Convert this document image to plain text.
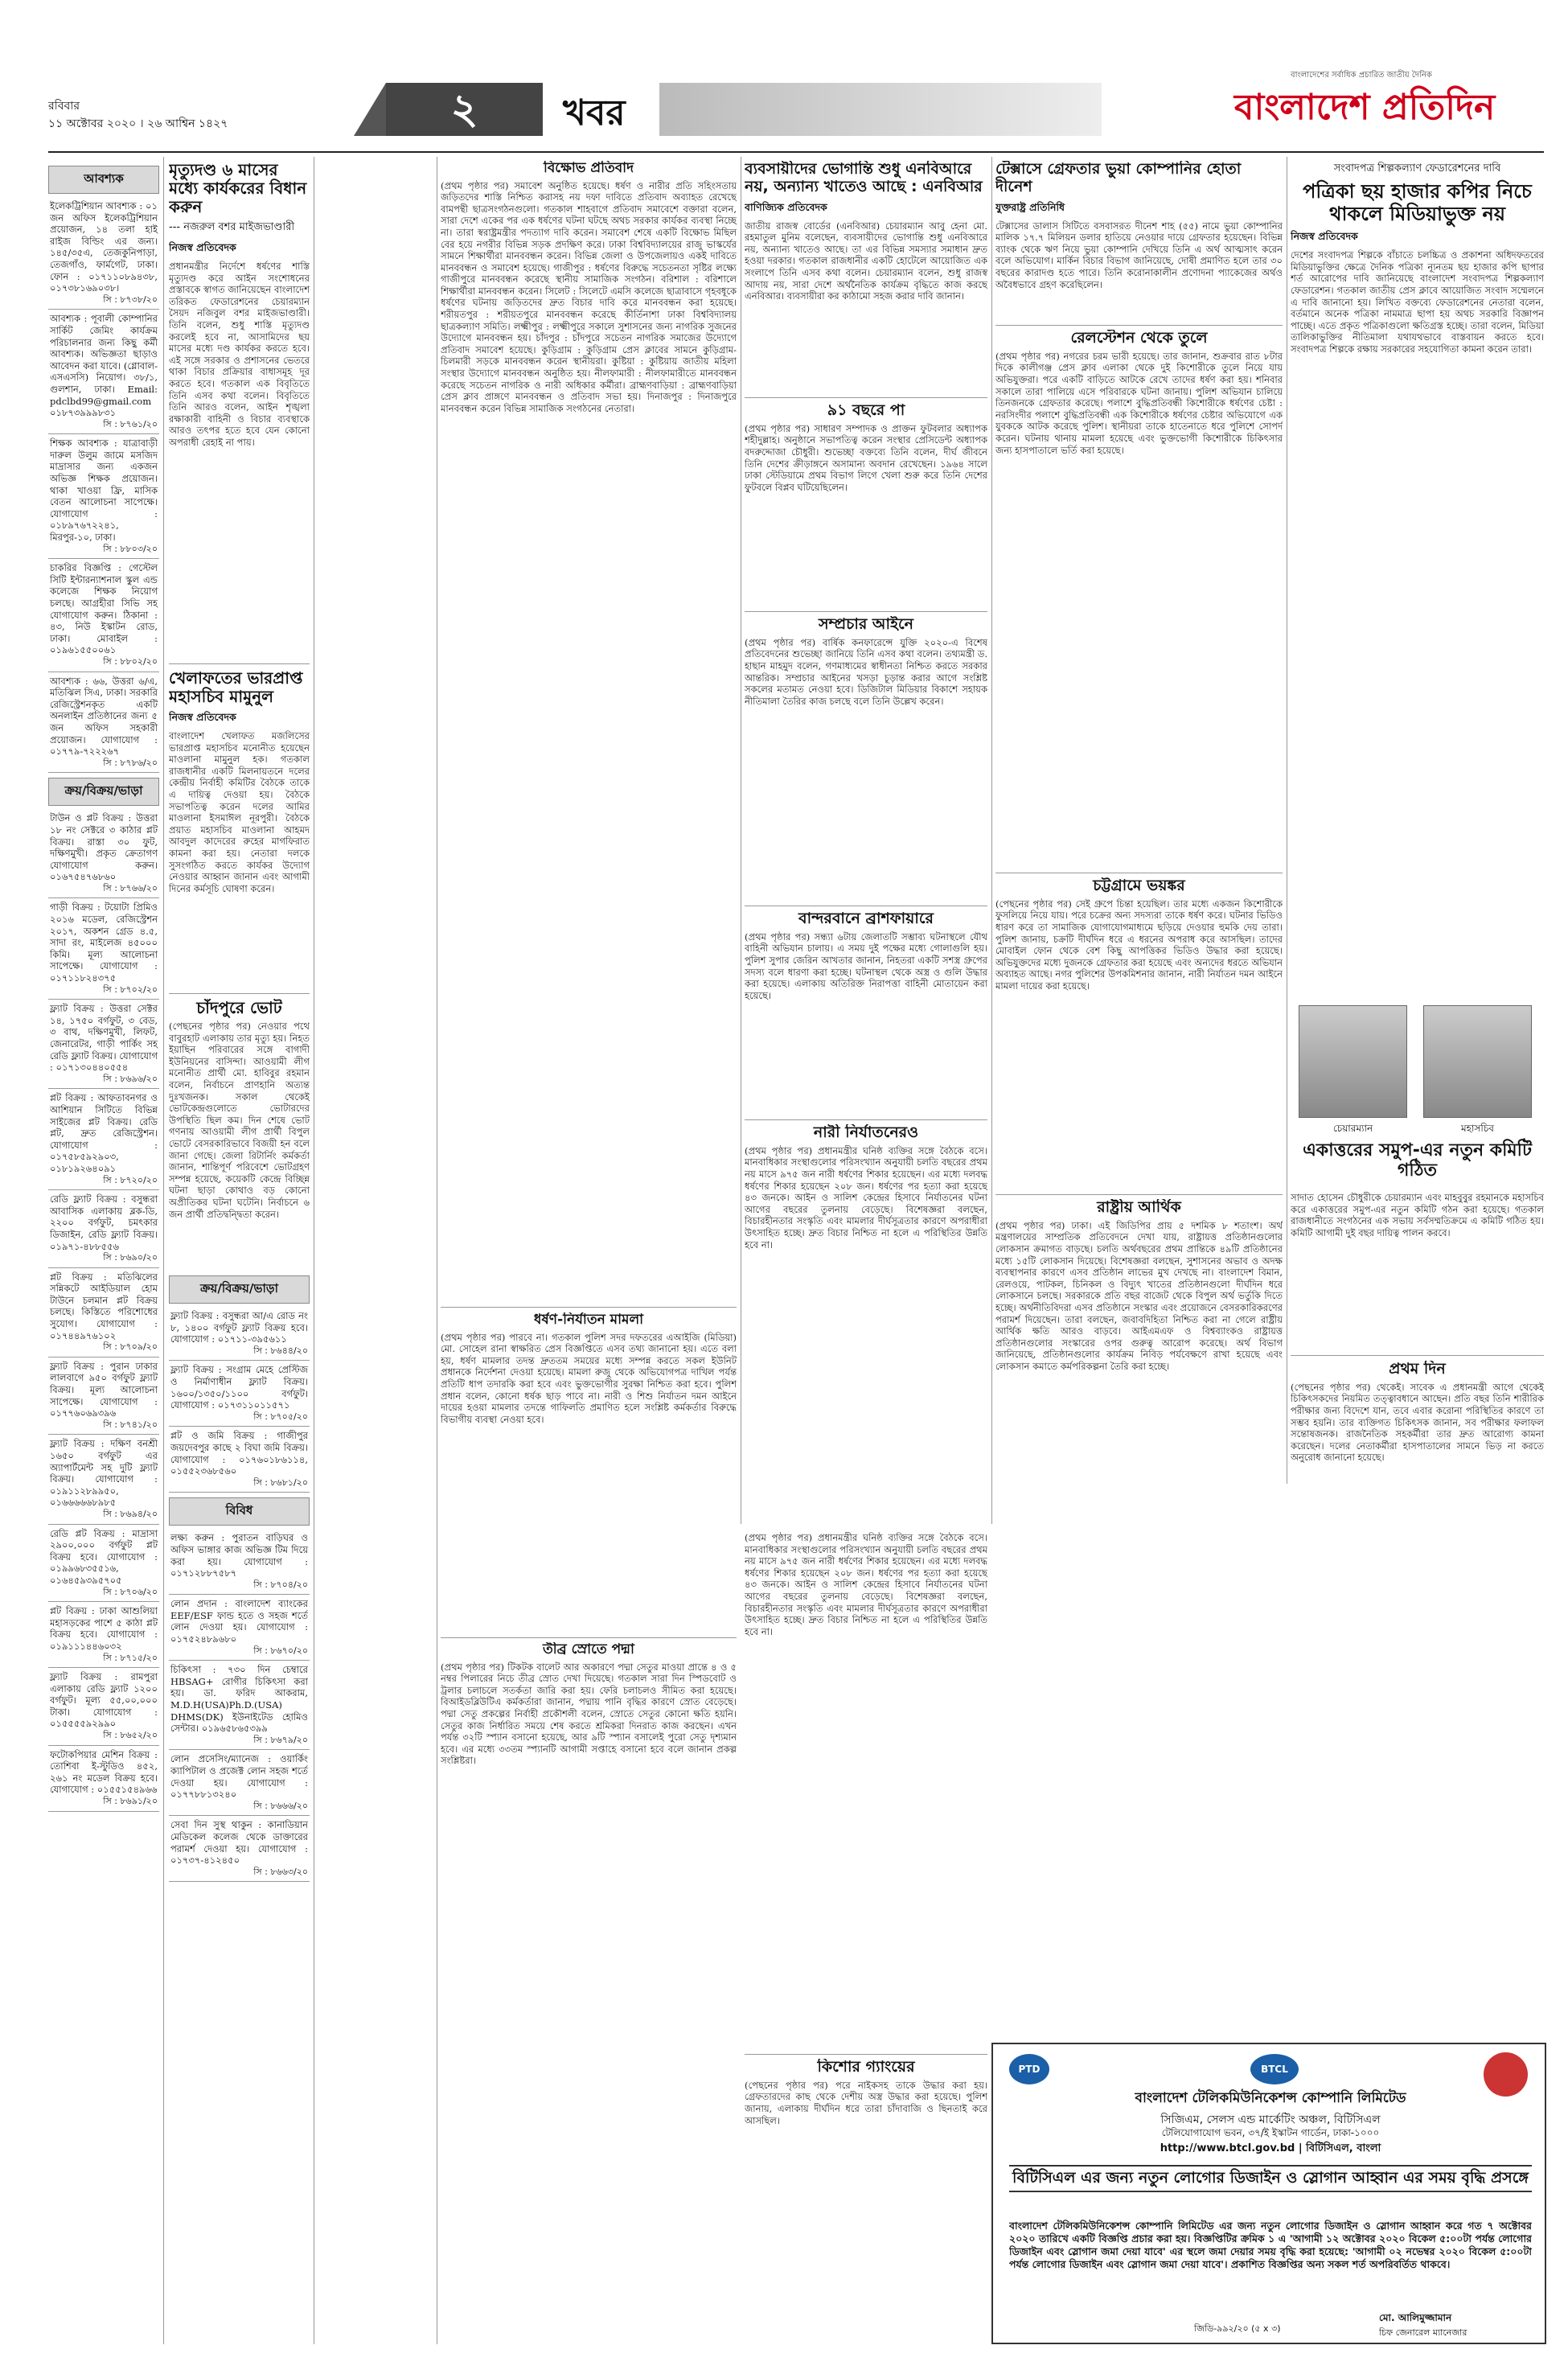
রবিবার
১১ অক্টোবর ২০২০ । ২৬ আশ্বিন ১৪২৭	২	খবর
বাংলাদেশের সর্বাধিক প্রচারিত জাতীয় দৈনিক
বাংলাদেশ প্রতিদিন
আবশ্যক
ইলেকট্রিশিয়ান আবশ্যক : ০১ জন অফিস ইলেকট্রিশিয়ান প্রয়োজন, ১৪ তলা হাই রাইজ বিল্ডিং এর জন্য। ১৪৫/৩৫এ, তেজকুনিপাড়া, তেজগাঁও, ফার্মগেট, ঢাকা। ফোন : ০১৭১১০৮৯৪৩৮, ০১৭৩৮১৬৯০৩৮।
সি : ৮৭৩৮/২০
আবশ্যক : পূবালী কোম্পানির সার্কিট জেমিং কার্যক্রম পরিচালনার জন্য কিছু কর্মী আবশ্যক। অভিজ্ঞতা ছাড়াও আবেদন করা যাবে। (গ্লোবাল-এসএসসি) নিয়োগ। ৩৮/১, গুলশান, ঢাকা। Email: pdclbd99@gmail.com ০১৮৭৩৯৯৯৮৩১
সি : ৮৭৬১/২০
শিক্ষক আবশ্যক : যাত্রাবাড়ী দারুল উলুম জামে মসজিদ মাদ্রাসার জন্য একজন অভিজ্ঞ শিক্ষক প্রয়োজন। থাকা খাওয়া ফ্রি, মাসিক বেতন আলোচনা সাপেক্ষে। যোগাযোগ : ০১৮৯৭৬৭২২৪১, মিরপুর-১০, ঢাকা।
সি : ৮৮০৩/২০
চাকরির বিজ্ঞপ্তি : গেস্টেল সিটি ইন্টারন্যাশনাল স্কুল এন্ড কলেজে শিক্ষক নিয়োগ চলছে। আগ্রহীরা সিভি সহ যোগাযোগ করুন। ঠিকানা : ৪৩, নিউ ইস্কাটন রোড, ঢাকা। মোবাইল : ০১৯৬১৫৫০০৬১
সি : ৮৮০২/২০
আবশ্যক : ৬৬, উত্তরা ৬/এ, মতিঝিল সিএ, ঢাকা। সরকারি রেজিস্ট্রেশনকৃত একটি অনলাইন প্রতিষ্ঠানের জন্য ৫ জন অফিস সহকারী প্রয়োজন। যোগাযোগ : ০১৭৭৯-৭২২২৬৭
সি : ৮৭৮৬/২০
ক্রয়/বিক্রয়/ভাড়া
টাউন ও প্লট বিক্রয় : উত্তরা ১৮ নং সেক্টরে ৩ কাঠার প্লট বিক্রয়। রাস্তা ৩০ ফুট, দক্ষিণমুখী। প্রকৃত ক্রেতাগণ যোগাযোগ করুন। ০১৬৭৫৪৭৬৮৬০
সি : ৮৭৬৬/২০
গাড়ী বিক্রয় : টয়োটা প্রিমিও ২০১৬ মডেল, রেজিস্ট্রেশন ২০১৭, অকশন গ্রেড ৪.৫, সাদা রং, মাইলেজ ৪৫০০০ কিমি। মূল্য আলোচনা সাপেক্ষে। যোগাযোগ : ০১৭১১৮২৪৩৭৫
সি : ৮৭০২/২০
ফ্ল্যাট বিক্রয় : উত্তরা সেক্টর ১৪, ১৭৫০ বর্গফুট, ৩ বেড, ৩ বাথ, দক্ষিণমুখী, লিফট, জেনারেটর, গাড়ী পার্কিং সহ রেডি ফ্ল্যাট বিক্রয়। যোগাযোগ : ০১৭১৩০৪৪০৫৫৪
সি : ৮৬৯৬/২০
প্লট বিক্রয় : আফতাবনগর ও আশিয়ান সিটিতে বিভিন্ন সাইজের প্লট বিক্রয়। রেডি প্লট, দ্রুত রেজিস্ট্রেশন। যোগাযোগ : ০১৭৫৮৫৯২৯০৩, ০১৮১৯২৬৪০৯১
সি : ৮৭২০/২০
রেডি ফ্ল্যাট বিক্রয় : বসুন্ধরা আবাসিক এলাকায় ব্লক-ডি, ২২০০ বর্গফুট, চমৎকার ডিজাইন, রেডি ফ্ল্যাট বিক্রয়। ০১৯৭১-৪৮৮৫৫৬
সি : ৮৬৯০/২০
প্লট বিক্রয় : মতিঝিলের সন্নিকটে আইডিয়াল হোম টাউনে চলমান প্লট বিক্রয় চলছে। কিস্তিতে পরিশোধের সুযোগ। যোগাযোগ : ০১৭৪৪৯৭৬১০২
সি : ৮৭০৯/২০
ফ্ল্যাট বিক্রয় : পুরান ঢাকার লালবাগে ৯৫০ বর্গফুট ফ্ল্যাট বিক্রয়। মূল্য আলোচনা সাপেক্ষে। যোগাযোগ : ০১৭৭৬০৬৯৩৯৬
সি : ৮৭৪১/২০
ফ্ল্যাট বিক্রয় : দক্ষিণ বনশ্রী ১৬৫০ বর্গফুট এর অ্যাপার্টমেন্ট সহ দুটি ফ্ল্যাট বিক্রয়। যোগাযোগ : ০১৯১১২৮৯৯৫০, ০১৬৬৬৬৬৮৯৮৫
সি : ৮৬৯৪/২০
রেডি প্লট বিক্রয় : মাদ্রাসা ২৯০০,০০০ বর্গফুট প্লট বিক্রয় হবে। যোগাযোগ : ০১৯৯৬৮৩৫৫১৬, ০১৬৪৫৯৩৯৫৭০৫
সি : ৮৭০৬/২০
প্লট বিক্রয় : ঢাকা আশুলিয়া মহাসড়কের পাশে ৫ কাঠা প্লট বিক্রয় হবে। যোগাযোগ : ০১৯১১১৪৪৬০৩২
সি : ৮৭১৫/২০
ফ্ল্যাট বিক্রয় : রামপুরা এলাকায় রেডি ফ্ল্যাট ১২০০ বর্গফুট। মূল্য ৫৫,০০,০০০ টাকা। যোগাযোগ : ০১৫৫৫৫৯২৯৯০
সি : ৮৬৫২/২০
ফটোকপিয়ার মেশিন বিক্রয় : তোশিবা ই-স্টুডিও ৪৫২, ২৬১ নং মডেল বিক্রয় হবে। যোগাযোগ : ০১৫৫১৫৪৯৬৬
সি : ৮৬৯১/২০
ক্রয়/বিক্রয়/ভাড়া
ফ্ল্যাট বিক্রয় : বসুন্ধরা আ/এ রোড নং ৮, ১৪০০ বর্গফুট ফ্ল্যাট বিক্রয় হবে। যোগাযোগ : ০১৭১১-৩৯৫৬১১
সি : ৮৬৪৪/২০
ফ্ল্যাট বিক্রয় : সংগ্রাম মেহে প্রেস্টিজ ও নির্মাণাধীন ফ্ল্যাট বিক্রয়। ১৬০০/১৩৫০/১১০০ বর্গফুট। যোগাযোগ : ০১৭৩১১০১১৫৭১
সি : ৮৭০৫/২০
প্লট ও জমি বিক্রয় : গাজীপুর জয়দেবপুর কাছে ২ বিঘা জমি বিক্রয়। যোগাযোগ : ০১৭৬০১৮৬১১৪, ০১৫৫২৩৬৮৫৬০
সি : ৮৬৮১/২০
বিবিধ
লক্ষ্য করুন : পুরাতন বাড়িঘর ও অফিস ভাঙ্গার কাজ অভিজ্ঞ টিম দিয়ে করা হয়। যোগাযোগ : ০১৭১২৮৮৭৫৮৭
সি : ৮৭০৪/২০
লোন প্রদান : বাংলাদেশ ব্যাংকের EEF/ESF ফান্ড হতে ও সহজ শর্তে লোন দেওয়া হয়। যোগাযোগ : ০১৭৫২৪৮৯৬৮০
সি : ৮৬৭০/২০
চিকিৎসা : ৭৩০ দিন চেম্বারে HBSAG+ রোগীর চিকিৎসা করা হয়। ডা. ফরিদ আকরাম, M.D.H(USA)Ph.D.(USA) DHMS(DK) ইউনাইটেড হোমিও সেন্টার। ০১৯৬৫৮৬৫৩৯৯
সি : ৮৬৭৯/২০
লোন প্রসেসিং/ম্যানেজ : ওয়ার্কিং ক্যাপিটাল ও প্রজেক্ট লোন সহজ শর্তে দেওয়া হয়। যোগাযোগ : ০১৭৭৮৮১৩২৪০
সি : ৮৬৬৬/২০
সেবা দিন সুস্থ থাকুন : কানাডিয়ান মেডিকেল কলেজ থেকে ডাক্তারের পরামর্শ দেওয়া হয়। যোগাযোগ : ০১৭৩৭-৪১২৪৫০
সি : ৮৬৬৩/২০
মৃত্যুদণ্ড ৬ মাসের মধ্যে কার্যকরের বিধান করুন
--- নজরুল বশর মাইজভাণ্ডারী
নিজস্ব প্রতিবেদক
প্রধানমন্ত্রীর নির্দেশে ধর্ষণের শাস্তি মৃত্যুদণ্ড করে আইন সংশোধনের প্রস্তাবকে স্বাগত জানিয়েছেন বাংলাদেশ তরিকত ফেডারেশনের চেয়ারম্যান সৈয়দ নজিবুল বশর মাইজভাণ্ডারী। তিনি বলেন, শুধু শাস্তি মৃত্যুদণ্ড করলেই হবে না, আসামিদের ছয় মাসের মধ্যে দণ্ড কার্যকর করতে হবে। এই সঙ্গে সরকার ও প্রশাসনের ভেতরে থাকা বিচার প্রক্রিয়ার বাধাসমূহ দূর করতে হবে। গতকাল এক বিবৃতিতে তিনি এসব কথা বলেন। বিবৃতিতে তিনি আরও বলেন, আইন শৃঙ্খলা রক্ষাকারী বাহিনী ও বিচার ব্যবস্থাকে আরও তৎপর হতে হবে যেন কোনো অপরাধী রেহাই না পায়।
খেলাফতের ভারপ্রাপ্ত মহাসচিব মামুনুল
নিজস্ব প্রতিবেদক
বাংলাদেশ খেলাফত মজলিসের ভারপ্রাপ্ত মহাসচিব মনোনীত হয়েছেন মাওলানা মামুনুল হক। গতকাল রাজধানীর একটি মিলনায়তনে দলের কেন্দ্রীয় নির্বাহী কমিটির বৈঠকে তাকে এ দায়িত্ব দেওয়া হয়। বৈঠকে সভাপতিত্ব করেন দলের আমির মাওলানা ইসমাঈল নূরপুরী। বৈঠকে প্রয়াত মহাসচিব মাওলানা আহমদ আবদুল কাদেরের রুহের মাগফিরাত কামনা করা হয়। নেতারা দলকে সুসংগঠিত করতে কার্যকর উদ্যোগ নেওয়ার আহ্বান জানান এবং আগামী দিনের কর্মসূচি ঘোষণা করেন।
চাঁদপুরে ভোট
(পেছনের পৃষ্ঠার পর) নেওয়ার পথে বাবুরহাট এলাকায় তার মৃত্যু হয়। নিহত ইয়াছিন পরিবারের সঙ্গে বাগাদী ইউনিয়নের বাসিন্দা। আওয়ামী লীগ মনোনীত প্রার্থী মো. হাবিবুর রহমান বলেন, নির্বাচনে প্রাণহানি অত্যন্ত দুঃখজনক। সকাল থেকেই ভোটকেন্দ্রগুলোতে ভোটারদের উপস্থিতি ছিল কম। দিন শেষে ভোট গণনায় আওয়ামী লীগ প্রার্থী বিপুল ভোটে বেসরকারিভাবে বিজয়ী হন বলে জানা গেছে। জেলা রিটার্নিং কর্মকর্তা জানান, শান্তিপূর্ণ পরিবেশে ভোটগ্রহণ সম্পন্ন হয়েছে, কয়েকটি কেন্দ্রে বিচ্ছিন্ন ঘটনা ছাড়া কোথাও বড় কোনো অপ্রীতিকর ঘটনা ঘটেনি। নির্বাচনে ৬ জন প্রার্থী প্রতিদ্বন্দ্বিতা করেন।
বিক্ষোভ প্রতিবাদ
(প্রথম পৃষ্ঠার পর) সমাবেশ অনুষ্ঠিত হয়েছে। ধর্ষণ ও নারীর প্রতি সহিংসতায় জড়িতদের শাস্তি নিশ্চিত করাসহ নয় দফা দাবিতে প্রতিবাদ অব্যাহত রেখেছে বামপন্থী ছাত্রসংগঠনগুলো। গতকাল শাহবাগে প্রতিবাদ সমাবেশে বক্তারা বলেন, সারা দেশে একের পর এক ধর্ষণের ঘটনা ঘটছে অথচ সরকার কার্যকর ব্যবস্থা নিচ্ছে না। তারা স্বরাষ্ট্রমন্ত্রীর পদত্যাগ দাবি করেন। সমাবেশ শেষে একটি বিক্ষোভ মিছিল বের হয়ে নগরীর বিভিন্ন সড়ক প্রদক্ষিণ করে। ঢাকা বিশ্ববিদ্যালয়ের রাজু ভাস্কর্যের সামনে শিক্ষার্থীরা মানববন্ধন করেন। বিভিন্ন জেলা ও উপজেলায়ও একই দাবিতে মানববন্ধন ও সমাবেশ হয়েছে। গাজীপুর : ধর্ষণের বিরুদ্ধে সচেতনতা সৃষ্টির লক্ষ্যে গাজীপুরে মানববন্ধন করেছে স্থানীয় সামাজিক সংগঠন। বরিশাল : বরিশালে শিক্ষার্থীরা মানববন্ধন করেন। সিলেট : সিলেটে এমসি কলেজে ছাত্রাবাসে গৃহবধূকে ধর্ষণের ঘটনায় জড়িতদের দ্রুত বিচার দাবি করে মানববন্ধন করা হয়েছে। শরীয়তপুর : শরীয়তপুরে মানববন্ধন করেছে কীর্তিনাশা ঢাকা বিশ্ববিদ্যালয় ছাত্রকল্যাণ সমিতি। লক্ষ্মীপুর : লক্ষ্মীপুরে সকালে সুশাসনের জন্য নাগরিক সুজনের উদ্যোগে মানববন্ধন হয়। চাঁদপুর : চাঁদপুরে সচেতন নাগরিক সমাজের উদ্যোগে প্রতিবাদ সমাবেশ হয়েছে। কুড়িগ্রাম : কুড়িগ্রাম প্রেস ক্লাবের সামনে কুড়িগ্রাম-চিলমারী সড়কে মানববন্ধন করেন স্থানীয়রা। কুষ্টিয়া : কুষ্টিয়ায় জাতীয় মহিলা সংস্থার উদ্যোগে মানববন্ধন অনুষ্ঠিত হয়। নীলফামারী : নীলফামারীতে মানববন্ধন করেছে সচেতন নাগরিক ও নারী অধিকার কর্মীরা। ব্রাহ্মণবাড়িয়া : ব্রাহ্মণবাড়িয়া প্রেস ক্লাব প্রাঙ্গণে মানববন্ধন ও প্রতিবাদ সভা হয়। দিনাজপুর : দিনাজপুরে মানববন্ধন করেন বিভিন্ন সামাজিক সংগঠনের নেতারা।
ধর্ষণ-নির্যাতন মামলা
(প্রথম পৃষ্ঠার পর) পারবে না। গতকাল পুলিশ সদর দফতরের এআইজি (মিডিয়া) মো. সোহেল রানা স্বাক্ষরিত প্রেস বিজ্ঞপ্তিতে এসব তথ্য জানানো হয়। এতে বলা হয়, ধর্ষণ মামলার তদন্ত দ্রুততম সময়ের মধ্যে সম্পন্ন করতে সকল ইউনিট প্রধানকে নির্দেশনা দেওয়া হয়েছে। মামলা রুজু থেকে অভিযোগপত্র দাখিল পর্যন্ত প্রতিটি ধাপ তদারকি করা হবে এবং ভুক্তভোগীর সুরক্ষা নিশ্চিত করা হবে। পুলিশ প্রধান বলেন, কোনো ধর্ষক ছাড় পাবে না। নারী ও শিশু নির্যাতন দমন আইনে দায়ের হওয়া মামলার তদন্তে গাফিলতি প্রমাণিত হলে সংশ্লিষ্ট কর্মকর্তার বিরুদ্ধে বিভাগীয় ব্যবস্থা নেওয়া হবে।
তীব্র স্রোতে পদ্মা
(প্রথম পৃষ্ঠার পর) টিকটক বালেট আর অকারণে পদ্মা সেতুর মাওয়া প্রান্তে ৪ ও ৫ নম্বর পিলারের নিচে তীব্র স্রোত দেখা দিয়েছে। গতকাল সারা দিন স্পিডবোট ও ট্রলার চলাচলে সতর্কতা জারি করা হয়। ফেরি চলাচলও সীমিত করা হয়েছে। বিআইডব্লিউটিএ কর্মকর্তারা জানান, পদ্মায় পানি বৃদ্ধির কারণে স্রোত বেড়েছে। পদ্মা সেতু প্রকল্পের নির্বাহী প্রকৌশলী বলেন, স্রোতে সেতুর কোনো ক্ষতি হয়নি। সেতুর কাজ নির্ধারিত সময়ে শেষ করতে শ্রমিকরা দিনরাত কাজ করছেন। এখন পর্যন্ত ৩২টি স্প্যান বসানো হয়েছে, আর ৯টি স্প্যান বসালেই পুরো সেতু দৃশ্যমান হবে। এর মধ্যে ৩৩তম স্প্যানটি আগামী সপ্তাহে বসানো হবে বলে জানান প্রকল্প সংশ্লিষ্টরা।
ব্যবসায়ীদের ভোগান্তি শুধু এনবিআরে নয়, অন্যান্য খাতেও আছে : এনবিআর
বাণিজ্যিক প্রতিবেদক
জাতীয় রাজস্ব বোর্ডের (এনবিআর) চেয়ারম্যান আবু হেনা মো. রহমাতুল মুনিম বলেছেন, ব্যবসায়ীদের ভোগান্তি শুধু এনবিআরে নয়, অন্যান্য খাতেও আছে। তা এর বিভিন্ন সমস্যার সমাধান দ্রুত হওয়া দরকার। গতকাল রাজধানীর একটি হোটেলে আয়োজিত এক সংলাপে তিনি এসব কথা বলেন। চেয়ারম্যান বলেন, শুধু রাজস্ব আদায় নয়, সারা দেশে অর্থনৈতিক কার্যক্রম বৃদ্ধিতে কাজ করছে এনবিআর। ব্যবসায়ীরা কর কাঠামো সহজ করার দাবি জানান।
৯১ বছরে পা
(প্রথম পৃষ্ঠার পর) সাধারণ সম্পাদক ও প্রাক্তন ফুটবলার অধ্যাপক শহীদুল্লাহ। অনুষ্ঠানে সভাপতিত্ব করেন সংস্থার প্রেসিডেন্ট অধ্যাপক বদরুদ্দোজা চৌধুরী। শুভেচ্ছা বক্তব্যে তিনি বলেন, দীর্ঘ জীবনে তিনি দেশের ক্রীড়াঙ্গনে অসামান্য অবদান রেখেছেন। ১৯৬৪ সালে ঢাকা স্টেডিয়ামে প্রথম বিভাগ লিগে খেলা শুরু করে তিনি দেশের ফুটবলে বিপ্লব ঘটিয়েছিলেন।
সম্প্রচার আইনে
(প্রথম পৃষ্ঠার পর) বার্ষিক কনফারেন্সে যুক্তি ২০২০-এ বিশেষ প্রতিবেদনের শুভেচ্ছা জানিয়ে তিনি এসব কথা বলেন। তথ্যমন্ত্রী ড. হাছান মাহমুদ বলেন, গণমাধ্যমের স্বাধীনতা নিশ্চিত করতে সরকার আন্তরিক। সম্প্রচার আইনের খসড়া চূড়ান্ত করার আগে সংশ্লিষ্ট সকলের মতামত নেওয়া হবে। ডিজিটাল মিডিয়ার বিকাশে সহায়ক নীতিমালা তৈরির কাজ চলছে বলে তিনি উল্লেখ করেন।
বান্দরবানে ব্রাশফায়ারে
(প্রথম পৃষ্ঠার পর) সন্ধ্যা ৬টায় জেলাতটি সম্ভাব্য ঘটনাস্থলে যৌথ বাহিনী অভিযান চালায়। এ সময় দুই পক্ষের মধ্যে গোলাগুলি হয়। পুলিশ সুপার জেরিন আখতার জানান, নিহতরা একটি সশস্ত্র গ্রুপের সদস্য বলে ধারণা করা হচ্ছে। ঘটনাস্থল থেকে অস্ত্র ও গুলি উদ্ধার করা হয়েছে। এলাকায় অতিরিক্ত নিরাপত্তা বাহিনী মোতায়েন করা হয়েছে।
নারী নির্যাতনেরও
(প্রথম পৃষ্ঠার পর) প্রধানমন্ত্রীর ঘনিষ্ঠ ব্যক্তির সঙ্গে বৈঠকে বসে। মানবাধিকার সংস্থাগুলোর পরিসংখ্যান অনুযায়ী চলতি বছরের প্রথম নয় মাসে ৯৭৫ জন নারী ধর্ষণের শিকার হয়েছেন। এর মধ্যে দলবদ্ধ ধর্ষণের শিকার হয়েছেন ২০৮ জন। ধর্ষণের পর হত্যা করা হয়েছে ৪৩ জনকে। আইন ও সালিশ কেন্দ্রের হিসাবে নির্যাতনের ঘটনা আগের বছরের তুলনায় বেড়েছে। বিশেষজ্ঞরা বলছেন, বিচারহীনতার সংস্কৃতি এবং মামলার দীর্ঘসূত্রতার কারণে অপরাধীরা উৎসাহিত হচ্ছে। দ্রুত বিচার নিশ্চিত না হলে এ পরিস্থিতির উন্নতি হবে না।
কিশোর গ্যাংয়ের
(পেছনের পৃষ্ঠার পর) পরে নাইকসহ তাকে উদ্ধার করা হয়। গ্রেফতারদের কাছ থেকে দেশীয় অস্ত্র উদ্ধার করা হয়েছে। পুলিশ জানায়, এলাকায় দীর্ঘদিন ধরে তারা চাঁদাবাজি ও ছিনতাই করে আসছিল।
(প্রথম পৃষ্ঠার পর) প্রধানমন্ত্রীর ঘনিষ্ঠ ব্যক্তির সঙ্গে বৈঠকে বসে। মানবাধিকার সংস্থাগুলোর পরিসংখ্যান অনুযায়ী চলতি বছরের প্রথম নয় মাসে ৯৭৫ জন নারী ধর্ষণের শিকার হয়েছেন। এর মধ্যে দলবদ্ধ ধর্ষণের শিকার হয়েছেন ২০৮ জন। ধর্ষণের পর হত্যা করা হয়েছে ৪৩ জনকে। আইন ও সালিশ কেন্দ্রের হিসাবে নির্যাতনের ঘটনা আগের বছরের তুলনায় বেড়েছে। বিশেষজ্ঞরা বলছেন, বিচারহীনতার সংস্কৃতি এবং মামলার দীর্ঘসূত্রতার কারণে অপরাধীরা উৎসাহিত হচ্ছে। দ্রুত বিচার নিশ্চিত না হলে এ পরিস্থিতির উন্নতি হবে না।
টেক্সাসে গ্রেফতার ভুয়া কোম্পানির হোতা দীনেশ
যুক্তরাষ্ট্র প্রতিনিধি
টেক্সাসের ডালাস সিটিতে বসবাসরত দীনেশ শাহ (৫৫) নামে ভুয়া কোম্পানির মালিক ১৭.৭ মিলিয়ন ডলার হাতিয়ে নেওয়ার দায়ে গ্রেফতার হয়েছেন। বিভিন্ন ব্যাংক থেকে ঋণ নিয়ে ভুয়া কোম্পানি দেখিয়ে তিনি এ অর্থ আত্মসাৎ করেন বলে অভিযোগ। মার্কিন বিচার বিভাগ জানিয়েছে, দোষী প্রমাণিত হলে তার ৩০ বছরের কারাদণ্ড হতে পারে। তিনি করোনাকালীন প্রণোদনা প্যাকেজের অর্থও অবৈধভাবে গ্রহণ করেছিলেন।
রেলস্টেশন থেকে তুলে
(প্রথম পৃষ্ঠার পর) নগরের চরম ভারী হয়েছে। তার জানান, শুক্রবার রাত ৮টার দিকে কালীগঞ্জ প্রেস ক্লাব এলাকা থেকে দুই কিশোরীকে তুলে নিয়ে যায় অভিযুক্তরা। পরে একটি বাড়িতে আটকে রেখে তাদের ধর্ষণ করা হয়। শনিবার সকালে তারা পালিয়ে এসে পরিবারকে ঘটনা জানায়। পুলিশ অভিযান চালিয়ে তিনজনকে গ্রেফতার করেছে। পলাশে বুদ্ধিপ্রতিবন্ধী কিশোরীকে ধর্ষণের চেষ্টা : নরসিংদীর পলাশে বুদ্ধিপ্রতিবন্ধী এক কিশোরীকে ধর্ষণের চেষ্টার অভিযোগে এক যুবককে আটক করেছে পুলিশ। স্থানীয়রা তাকে হাতেনাতে ধরে পুলিশে সোপর্দ করেন। ঘটনায় থানায় মামলা হয়েছে এবং ভুক্তভোগী কিশোরীকে চিকিৎসার জন্য হাসপাতালে ভর্তি করা হয়েছে।
চট্টগ্রামে ভয়ঙ্কর
(পেছনের পৃষ্ঠার পর) সেই গ্রুপে চিন্তা হয়েছিল। তার মধ্যে একজন কিশোরীকে ফুসলিয়ে নিয়ে যায়। পরে চক্রের অন্য সদস্যরা তাকে ধর্ষণ করে। ঘটনার ভিডিও ধারণ করে তা সামাজিক যোগাযোগমাধ্যমে ছড়িয়ে দেওয়ার হুমকি দেয় তারা। পুলিশ জানায়, চক্রটি দীর্ঘদিন ধরে এ ধরনের অপরাধ করে আসছিল। তাদের মোবাইল ফোন থেকে বেশ কিছু আপত্তিকর ভিডিও উদ্ধার করা হয়েছে। অভিযুক্তদের মধ্যে দুজনকে গ্রেফতার করা হয়েছে এবং অন্যদের ধরতে অভিযান অব্যাহত আছে। নগর পুলিশের উপকমিশনার জানান, নারী নির্যাতন দমন আইনে মামলা দায়ের করা হয়েছে।
রাষ্ট্রীয় আর্থিক
(প্রথম পৃষ্ঠার পর) ঢাকা। এই জিডিপির প্রায় ৫ দশমিক ৮ শতাংশ। অর্থ মন্ত্রণালয়ের সাম্প্রতিক প্রতিবেদনে দেখা যায়, রাষ্ট্রায়ত্ত প্রতিষ্ঠানগুলোর লোকসান ক্রমাগত বাড়ছে। চলতি অর্থবছরের প্রথম প্রান্তিকে ৪৯টি প্রতিষ্ঠানের মধ্যে ১৫টি লোকসান দিয়েছে। বিশেষজ্ঞরা বলছেন, সুশাসনের অভাব ও অদক্ষ ব্যবস্থাপনার কারণে এসব প্রতিষ্ঠান লাভের মুখ দেখছে না। বাংলাদেশ বিমান, রেলওয়ে, পাটকল, চিনিকল ও বিদ্যুৎ খাতের প্রতিষ্ঠানগুলো দীর্ঘদিন ধরে লোকসানে চলছে। সরকারকে প্রতি বছর বাজেট থেকে বিপুল অর্থ ভর্তুকি দিতে হচ্ছে। অর্থনীতিবিদরা এসব প্রতিষ্ঠানে সংস্কার এবং প্রয়োজনে বেসরকারিকরণের পরামর্শ দিয়েছেন। তারা বলছেন, জবাবদিহিতা নিশ্চিত করা না গেলে রাষ্ট্রীয় আর্থিক ক্ষতি আরও বাড়বে। আইএমএফ ও বিশ্বব্যাংকও রাষ্ট্রায়ত্ত প্রতিষ্ঠানগুলোর সংস্কারের ওপর গুরুত্ব আরোপ করেছে। অর্থ বিভাগ জানিয়েছে, প্রতিষ্ঠানগুলোর কার্যক্রম নিবিড় পর্যবেক্ষণে রাখা হয়েছে এবং লোকসান কমাতে কর্মপরিকল্পনা তৈরি করা হচ্ছে।
সংবাদপত্র শিল্পকল্যাণ ফেডারেশনের দাবি
পত্রিকা ছয় হাজার কপির নিচে থাকলে মিডিয়াভুক্ত নয়
নিজস্ব প্রতিবেদক
দেশের সংবাদপত্র শিল্পকে বাঁচাতে চলচ্চিত্র ও প্রকাশনা অধিদফতরের মিডিয়াভুক্তির ক্ষেত্রে দৈনিক পত্রিকা ন্যূনতম ছয় হাজার কপি ছাপার শর্ত আরোপের দাবি জানিয়েছে বাংলাদেশ সংবাদপত্র শিল্পকল্যাণ ফেডারেশন। গতকাল জাতীয় প্রেস ক্লাবে আয়োজিত সংবাদ সম্মেলনে এ দাবি জানানো হয়। লিখিত বক্তব্যে ফেডারেশনের নেতারা বলেন, বর্তমানে অনেক পত্রিকা নামমাত্র ছাপা হয় অথচ সরকারি বিজ্ঞাপন পাচ্ছে। এতে প্রকৃত পত্রিকাগুলো ক্ষতিগ্রস্ত হচ্ছে। তারা বলেন, মিডিয়া তালিকাভুক্তির নীতিমালা যথাযথভাবে বাস্তবায়ন করতে হবে। সংবাদপত্র শিল্পকে রক্ষায় সরকারের সহযোগিতা কামনা করেন তারা।
চেয়ারম্যান	মহাসচিব
একাত্তরের সমুপ-এর নতুন কমিটি গঠিত
সাদাত হোসেন চৌধুরীকে চেয়ারম্যান এবং মাহবুবুর রহমানকে মহাসচিব করে একাত্তরের সমুপ-এর নতুন কমিটি গঠন করা হয়েছে। গতকাল রাজধানীতে সংগঠনের এক সভায় সর্বসম্মতিক্রমে এ কমিটি গঠিত হয়। কমিটি আগামী দুই বছর দায়িত্ব পালন করবে।
প্রথম দিন
(পেছনের পৃষ্ঠার পর) থেকেই। সাবেক এ প্রধানমন্ত্রী আগে থেকেই চিকিৎসকদের নিয়মিত তত্ত্বাবধানে আছেন। প্রতি বছর তিনি শারীরিক পরীক্ষার জন্য বিদেশে যান, তবে এবার করোনা পরিস্থিতির কারণে তা সম্ভব হয়নি। তার ব্যক্তিগত চিকিৎসক জানান, সব পরীক্ষার ফলাফল সন্তোষজনক। রাজনৈতিক সহকর্মীরা তার দ্রুত আরোগ্য কামনা করেছেন। দলের নেতাকর্মীরা হাসপাতালের সামনে ভিড় না করতে অনুরোধ জানানো হয়েছে।
PTD	BTCL
বাংলাদেশ টেলিকমিউনিকেশন্স কোম্পানি লিমিটেড
সিজিএম, সেলস এন্ড মার্কেটিং অঞ্চল, বিটিসিএল
টেলিযোগাযোগ ভবন, ৩৭/ই ইস্কাটন গার্ডেন, ঢাকা-১০০০
http://www.btcl.gov.bd | বিটিসিএল, বাংলা
বিটিসিএল এর জন্য নতুন লোগোর ডিজাইন ও স্লোগান আহ্বান এর সময় বৃদ্ধি প্রসঙ্গে
বাংলাদেশ টেলিকমিউনিকেশন্স কোম্পানি লিমিটেড এর জন্য নতুন লোগোর ডিজাইন ও স্লোগান আহ্বান করে গত ৭ অক্টোবর ২০২০ তারিখে একটি বিজ্ঞপ্তি প্রচার করা হয়। বিজ্ঞপ্তিটির ক্রমিক ১ এ 'আগামী ১২ অক্টোবর ২০২০ বিকেল ৫:০০টা পর্যন্ত লোগোর ডিজাইন এবং স্লোগান জমা দেয়া যাবে' এর স্থলে জমা দেয়ার সময় বৃদ্ধি করা হয়েছে: 'আগামী ০২ নভেম্বর ২০২০ বিকেল ৫:০০টা পর্যন্ত লোগোর ডিজাইন এবং স্লোগান জমা দেয়া যাবে'। প্রকাশিত বিজ্ঞপ্তির অন্য সকল শর্ত অপরিবর্তিত থাকবে।
জিডি-৯৯২/২০ (৫ x ৩)
মো. আলিমুজ্জামান
চিফ জেনারেল ম্যানেজার
